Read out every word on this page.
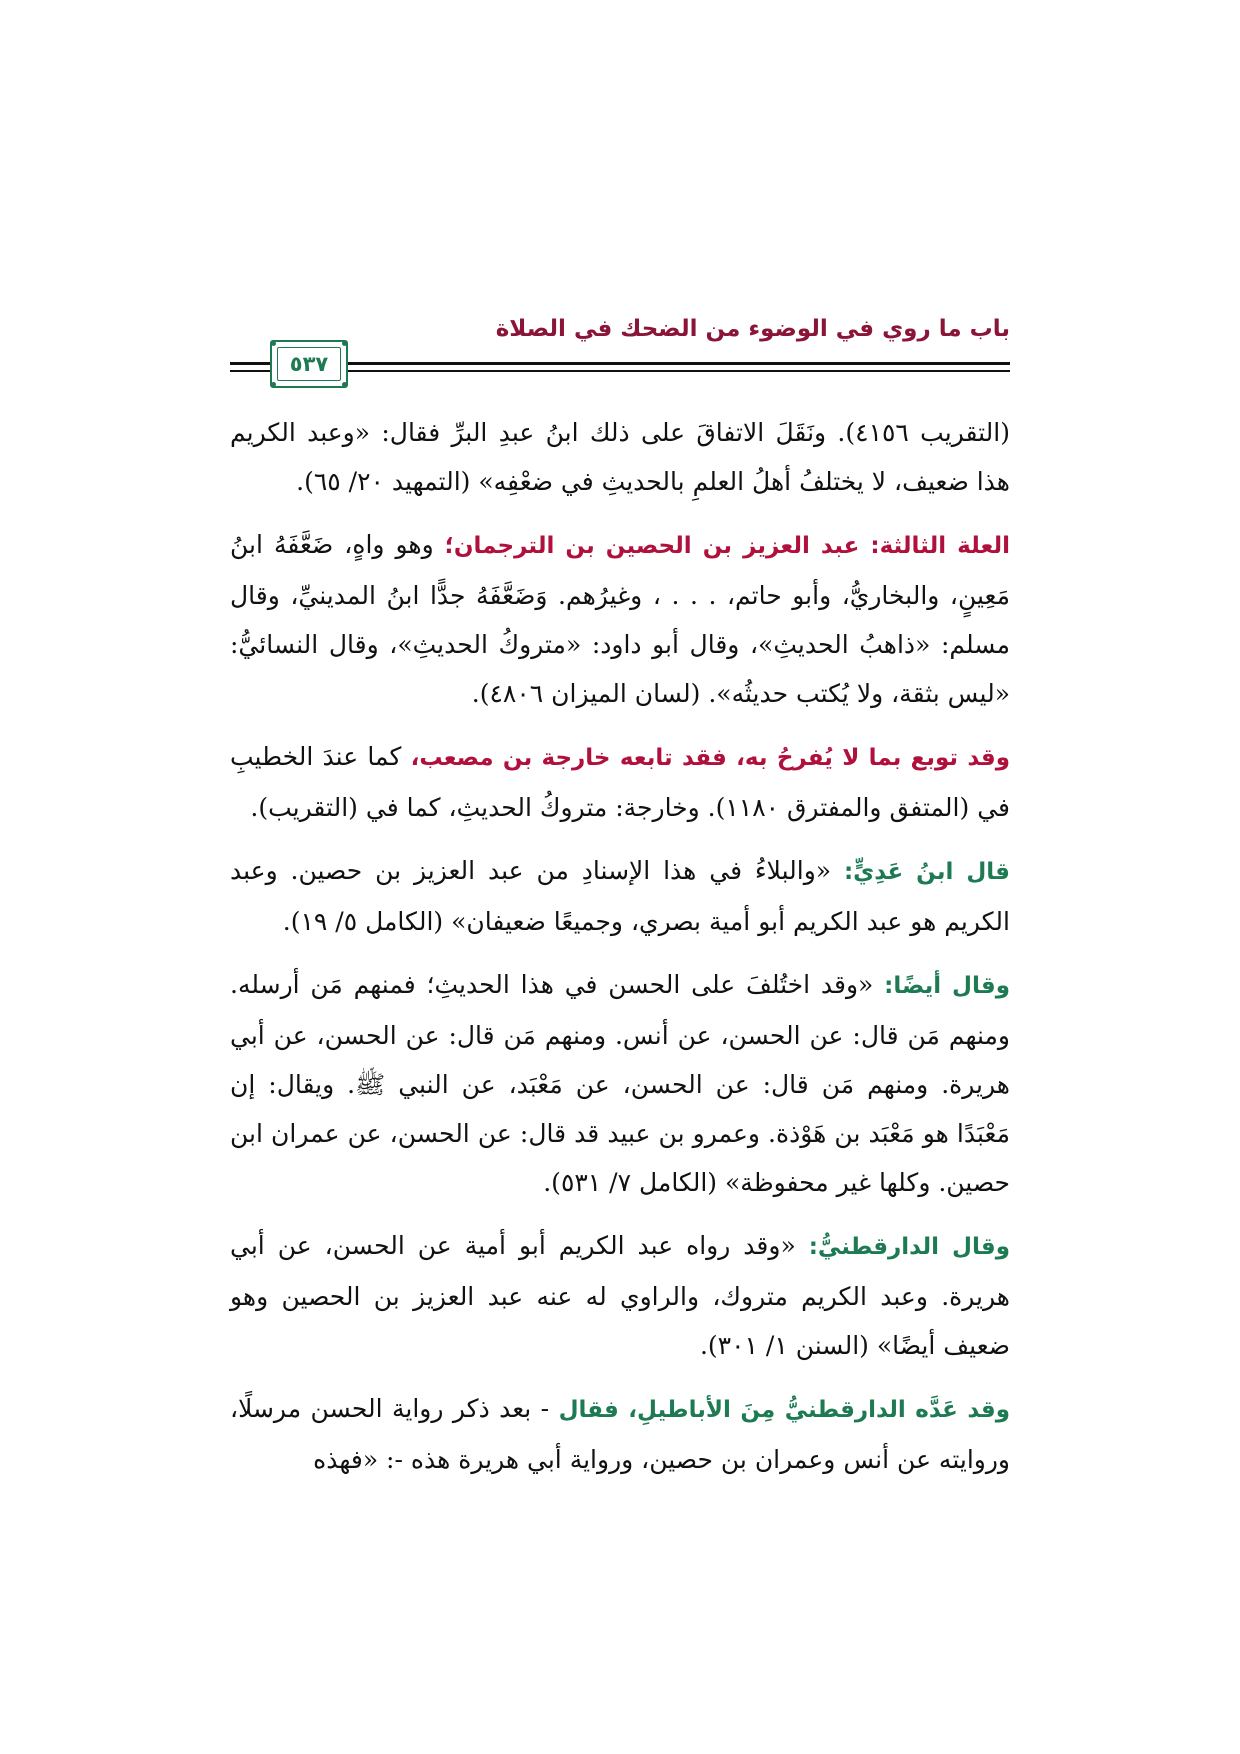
باب ما روي في الوضوء من الضحك في الصلاة
٥٣٧

(التقريب ٤١٥٦). ونَقَلَ الاتفاقَ على ذلك ابنُ عبدِ البرِّ فقال: «وعبد الكريم هذا ضعيف، لا يختلفُ أهلُ العلمِ بالحديثِ في ضعْفِه» (التمهيد ٢٠/ ٦٥).

العلة الثالثة: عبد العزيز بن الحصين بن الترجمان؛ وهو واهٍ، ضَعَّفَهُ ابنُ مَعِينٍ، والبخاريُّ، وأبو حاتم، . . . ، وغيرُهم. وَضَعَّفَهُ جدًّا ابنُ المدينيِّ، وقال مسلم: «ذاهبُ الحديثِ»، وقال أبو داود: «متروكُ الحديثِ»، وقال النسائيُّ: «ليس بثقة، ولا يُكتب حديثُه». (لسان الميزان ٤٨٠٦).

وقد توبع بما لا يُفرحُ به، فقد تابعه خارجة بن مصعب، كما عندَ الخطيبِ في (المتفق والمفترق ١١٨٠). وخارجة: متروكُ الحديثِ، كما في (التقريب).

قال ابنُ عَدِيٍّ: «والبلاءُ في هذا الإسنادِ من عبد العزيز بن حصين. وعبد الكريم هو عبد الكريم أبو أمية بصري، وجميعًا ضعيفان» (الكامل ٥/ ١٩).

وقال أيضًا: «وقد اختُلفَ على الحسن في هذا الحديثِ؛ فمنهم مَن أرسله. ومنهم مَن قال: عن الحسن، عن أنس. ومنهم مَن قال: عن الحسن، عن أبي هريرة. ومنهم مَن قال: عن الحسن، عن مَعْبَد، عن النبي ﷺ. ويقال: إن مَعْبَدًا هو مَعْبَد بن هَوْذة. وعمرو بن عبيد قد قال: عن الحسن، عن عمران ابن حصين. وكلها غير محفوظة» (الكامل ٧/ ٥٣١).

وقال الدارقطنيُّ: «وقد رواه عبد الكريم أبو أمية عن الحسن، عن أبي هريرة. وعبد الكريم متروك، والراوي له عنه عبد العزيز بن الحصين وهو ضعيف أيضًا» (السنن ١/ ٣٠١).

وقد عَدَّه الدارقطنيُّ مِنَ الأباطيلِ، فقال - بعد ذكر رواية الحسن مرسلًا، وروايته عن أنس وعمران بن حصين، ورواية أبي هريرة هذه -: «فهذه
